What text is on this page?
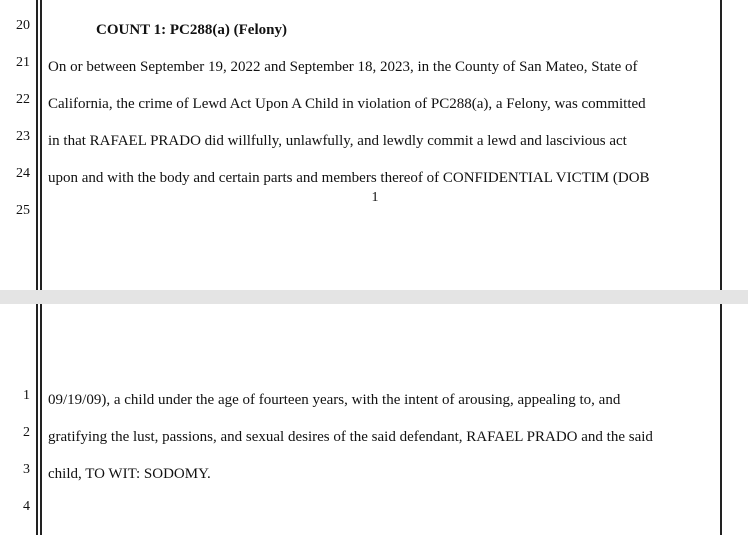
20
21
22
23
24
25
COUNT 1: PC288(a) (Felony)
On or between September 19, 2022 and September 18, 2023, in the County of San Mateo, State of
California, the crime of Lewd Act Upon A Child in violation of PC288(a), a Felony, was committed
in that RAFAEL PRADO did willfully, unlawfully, and lewdly commit a lewd and lascivious act
upon and with the body and certain parts and members thereof of CONFIDENTIAL VICTIM (DOB
1
1
2
3
4
09/19/09), a child under the age of fourteen years, with the intent of arousing, appealing to, and
gratifying the lust, passions, and sexual desires of the said defendant, RAFAEL PRADO and the said
child, TO WIT: SODOMY.
